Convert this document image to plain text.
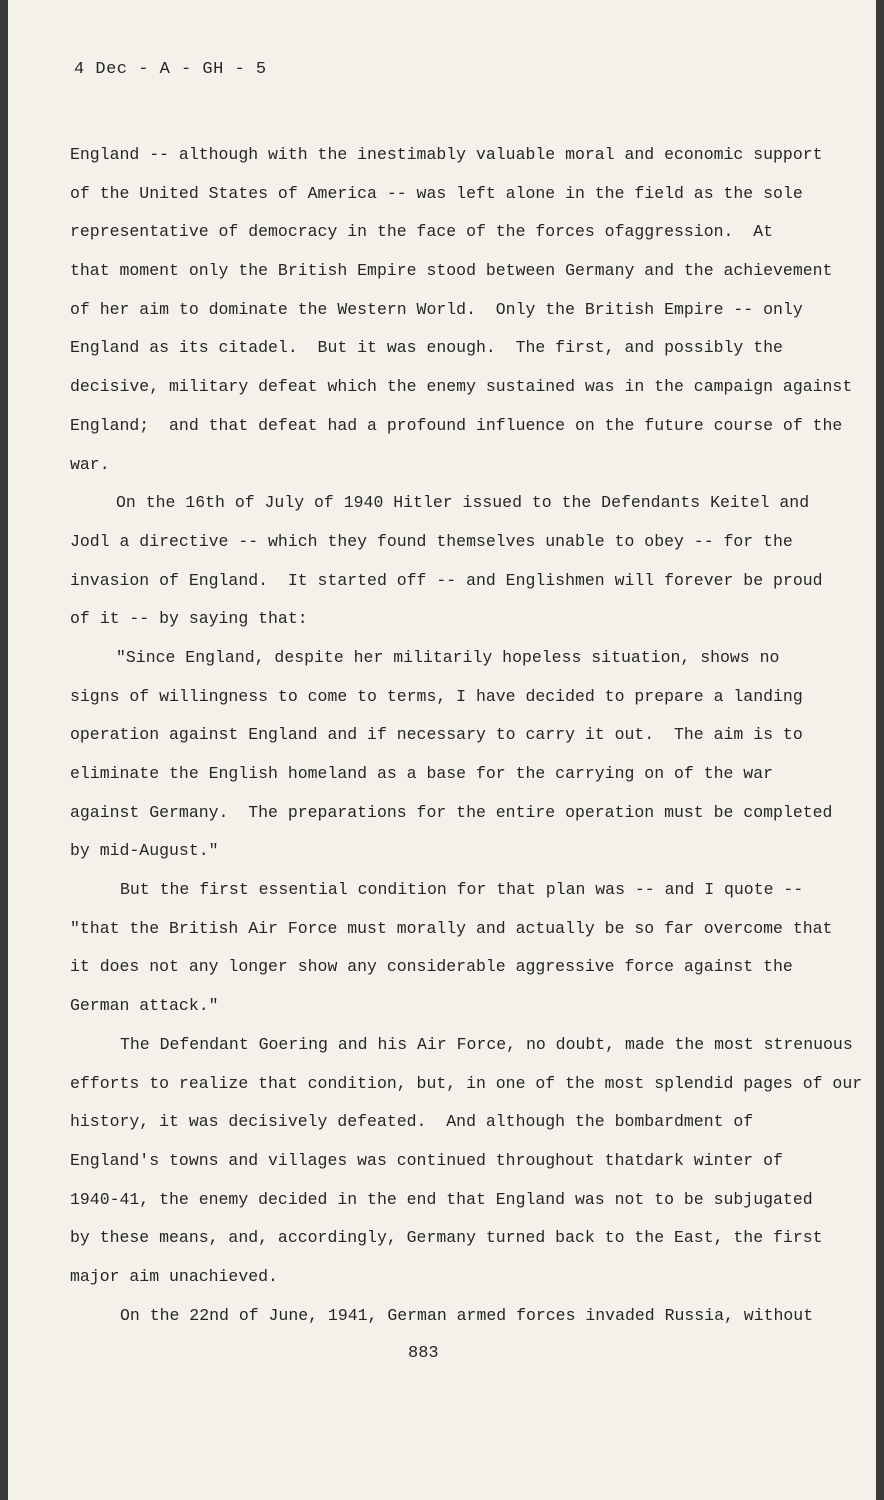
4 Dec - A - GH - 5
England -- although with the inestimably valuable moral and economic support
of the United States of America -- was left alone in the field as the sole
representative of democracy in the face of the forces ofaggression.  At
that moment only the British Empire stood between Germany and the achievement
of her aim to dominate the Western World.  Only the British Empire -- only
England as its citadel.  But it was enough.  The first, and possibly the
decisive, military defeat which the enemy sustained was in the campaign against
England;  and that defeat had a profound influence on the future course of the
war.
On the 16th of July of 1940 Hitler issued to the Defendants Keitel and
Jodl a directive -- which they found themselves unable to obey -- for the
invasion of England.  It started off -- and Englishmen will forever be proud
of it -- by saying that:
"Since England, despite her militarily hopeless situation, shows no
signs of willingness to come to terms, I have decided to prepare a landing
operation against England and if necessary to carry it out.  The aim is to
eliminate the English homeland as a base for the carrying on of the war
against Germany.  The preparations for the entire operation must be completed
by mid-August."
But the first essential condition for that plan was -- and I quote --
"that the British Air Force must morally and actually be so far overcome that
it does not any longer show any considerable aggressive force against the
German attack."
The Defendant Goering and his Air Force, no doubt, made the most strenuous
efforts to realize that condition, but, in one of the most splendid pages of our
history, it was decisively defeated.  And although the bombardment of
England's towns and villages was continued throughout thatdark winter of
1940-41, the enemy decided in the end that England was not to be subjugated
by these means, and, accordingly, Germany turned back to the East, the first
major aim unachieved.
On the 22nd of June, 1941, German armed forces invaded Russia, without
883
